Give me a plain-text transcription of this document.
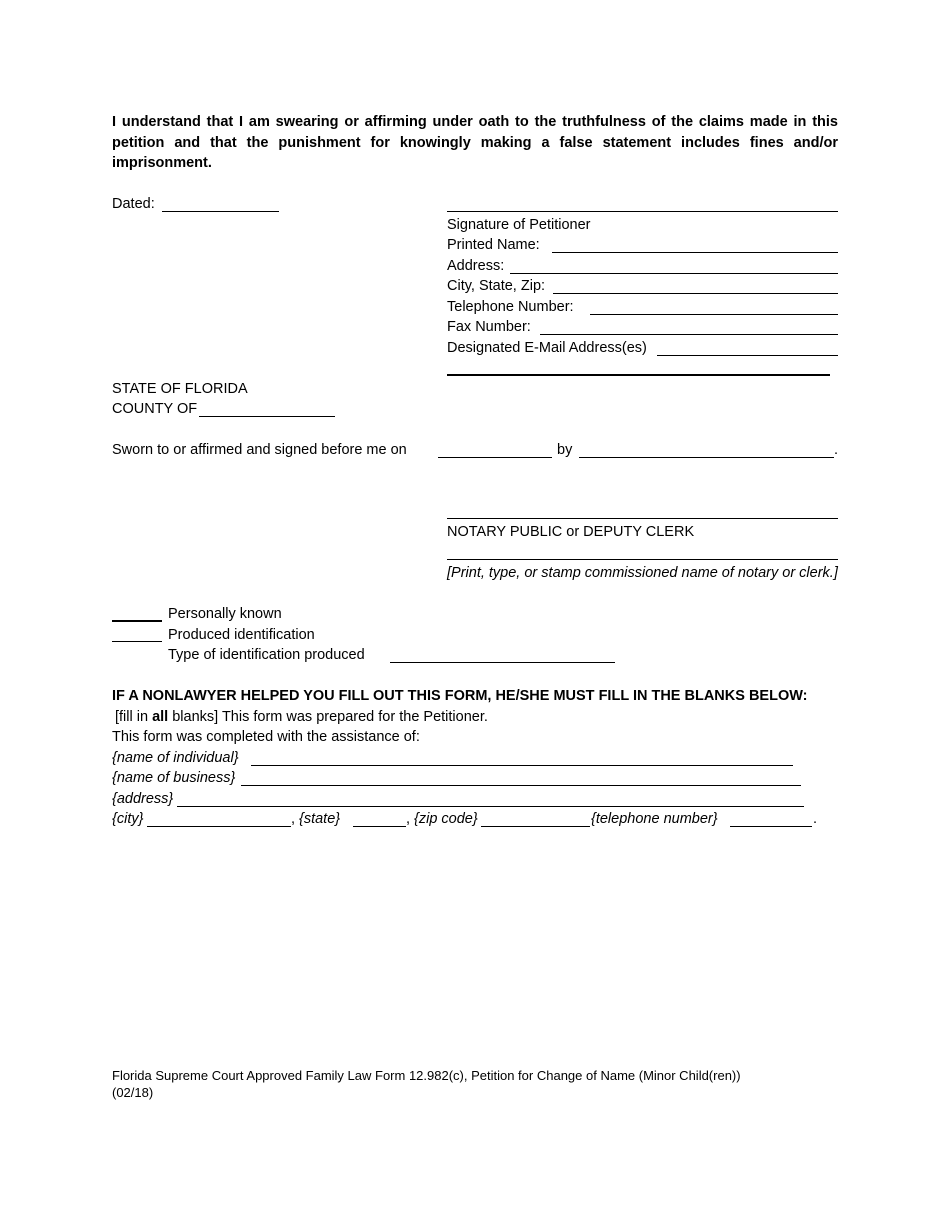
I understand that I am swearing or affirming under oath to the truthfulness of the claims made in this petition and that the punishment for knowingly making a false statement includes fines and/or imprisonment.
Dated:
Signature of Petitioner
Printed Name:
Address:
City, State, Zip:
Telephone Number:
Fax Number:
Designated E-Mail Address(es)
STATE OF FLORIDA
COUNTY OF
Sworn to or affirmed and signed before me on	by	.
NOTARY PUBLIC or DEPUTY CLERK
[Print, type, or stamp commissioned name of notary or clerk.]
Personally known
Produced identification
Type of identification produced
IF A NONLAWYER HELPED YOU FILL OUT THIS FORM, HE/SHE MUST FILL IN THE BLANKS BELOW:
[fill in all blanks] This form was prepared for the Petitioner.
This form was completed with the assistance of:
{name of individual}
{name of business}
{address}
{city}	, {state}	, {zip code}	{telephone number}	.
Florida Supreme Court Approved Family Law Form 12.982(c), Petition for Change of Name (Minor Child(ren))
(02/18)
